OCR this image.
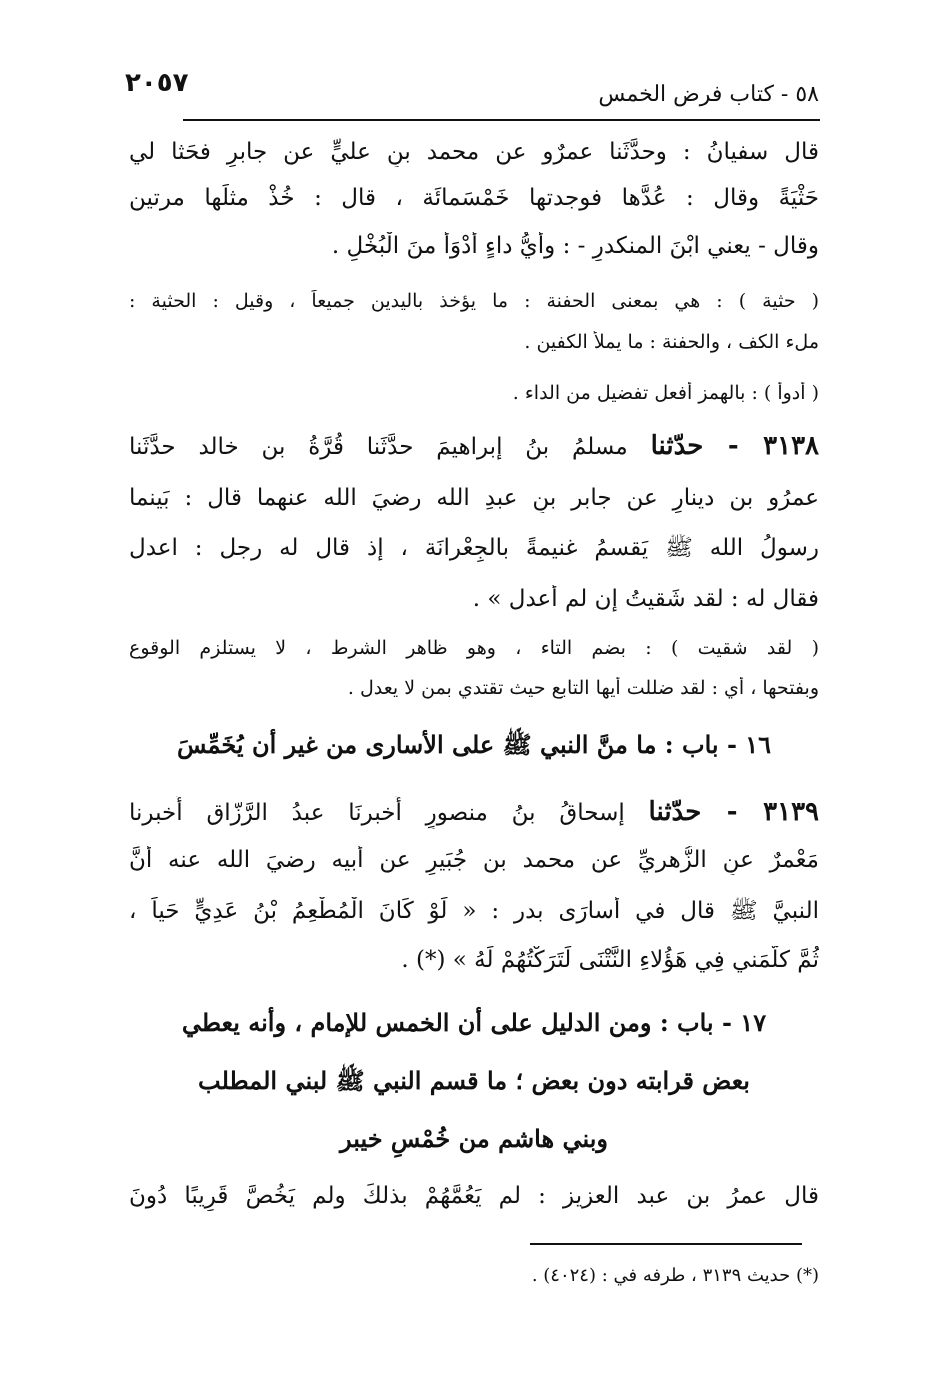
٢٠٥٧	٥٨ - كتاب فرض الخمس
قال سفيانُ : وحدَّثَنا عمرٌو عن محمد بنِ عليٍّ عن جابرٍ فحَثا لي
حَثْيَةً وقال : عُدَّها فوجدتها خَمْسَمائَة ، قال : خُذْ مثلَها مرتين
وقال - يعني ابْنَ المنكدرِ - : وأَيُّ داءٍ أَدْوَأُ منَ الْبُخْلِ .
( حثية ) : هي بمعنى الحفنة : ما يؤخذ باليدين جميعاً ، وقيل : الحثية :
ملء الكف ، والحفنة : ما يملأ الكفين .
( أدوأ ) : بالهمز أفعل تفضيل من الداء .
٣١٣٨ - حدّثنا مسلمُ بنُ إبراهيمَ حدَّثَنا قُرَّةُ بن خالد حدَّثَنا
عمرُو بن دينارٍ عن جابر بنِ عبدِ الله رضيَ الله عنهما قال : بَينما
رسولُ الله ﷺ يَقسمُ غنيمةً بالجِعْرانَة ، إذ قال له رجل : اعدل
فقال له : لقد شَقيتُ إن لم أعدل » .
( لقد شقيت ) : بضم التاء ، وهو ظاهر الشرط ، لا يستلزم الوقوع
وبفتحها ، أي : لقد ضللت أيها التابع حيث تقتدي بمن لا يعدل .
١٦ - باب : ما منَّ النبي ﷺ على الأسارى من غير أن يُخَمِّسَ
٣١٣٩ - حدّثنا إسحاقُ بنُ منصورٍ أَخبرنَا عبدُ الرَّزّاق أَخبرنا
مَعْمرٌ عنِ الزُّهريِّ عن محمد بن جُبَيرٍ عن أَبيه رضيَ الله عنه أَنَّ
النبيَّ ﷺ قال في أُسارَى بدر : « لَوْ كَانَ الْمُطْعِمُ بْنُ عَدِيٍّ حَياً ،
ثُمَّ كلَّمَني فِي هَؤُلاءِ النَّتْنَى لَتَرَكْتُهُمْ لَهُ » (*) .
١٧ - باب : ومن الدليل على أن الخمس للإمام ، وأنه يعطي
بعض قرابته دون بعض ؛ ما قسم النبي ﷺ لبني المطلب
وبني هاشم من خُمْسِ خيبر
قال عمرُ بن عبد العزيز : لم يَعُمَّهُمْ بذلكَ ولم يَخُصَّ قَرِيبًا دُونَ
(*) حديث ٣١٣٩ ، طرفه في : (٤٠٢٤) .
